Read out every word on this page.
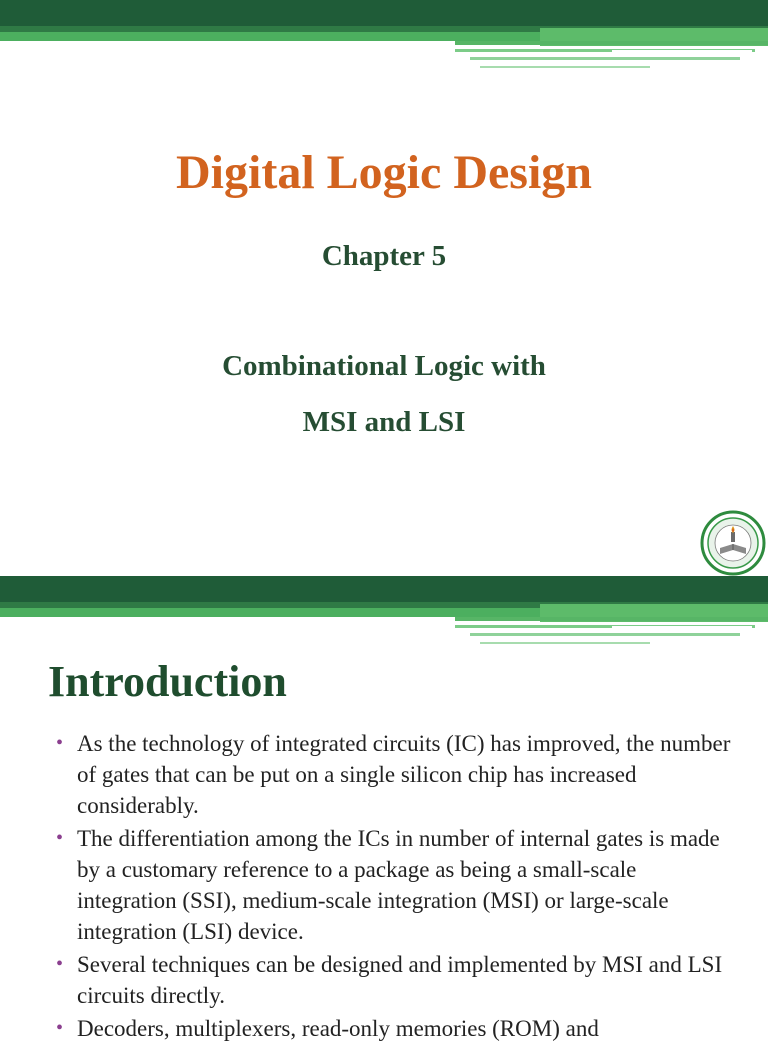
Digital Logic Design
Chapter 5
Combinational Logic with
MSI and LSI
Introduction
• As the technology of integrated circuits (IC) has improved, the number of gates that can be put on a single silicon chip has increased considerably.
• The differentiation among the ICs in number of internal gates is made by a customary reference to a package as being a small-scale integration (SSI), medium-scale integration (MSI) or large-scale integration (LSI) device.
• Several techniques can be designed and implemented by MSI and LSI circuits directly.
• Decoders, multiplexers, read-only memories (ROM) and
